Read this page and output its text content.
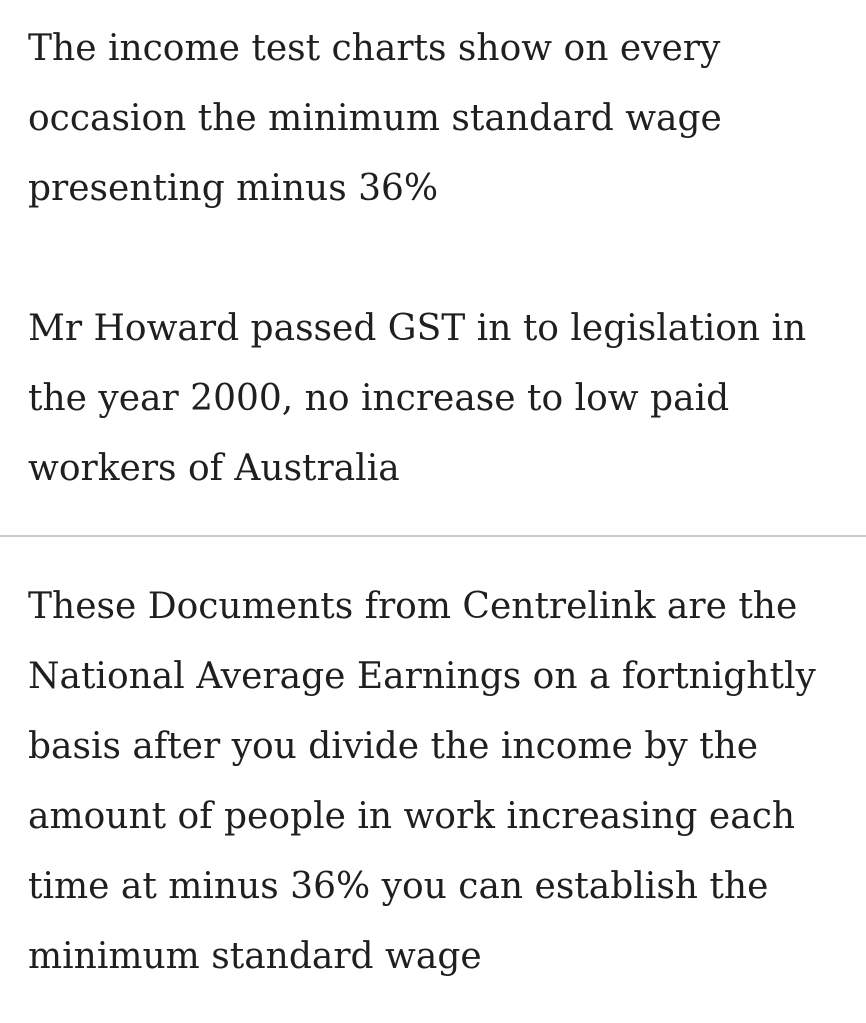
The income test charts show on every occasion the minimum standard wage presenting minus 36%

Mr Howard passed GST in to legislation in the year 2000, no increase to low paid workers of Australia

These Documents from Centrelink are the National Average Earnings on a fortnightly basis after you divide the income by the amount of people in work increasing each time at minus 36% you can establish the minimum standard wage
